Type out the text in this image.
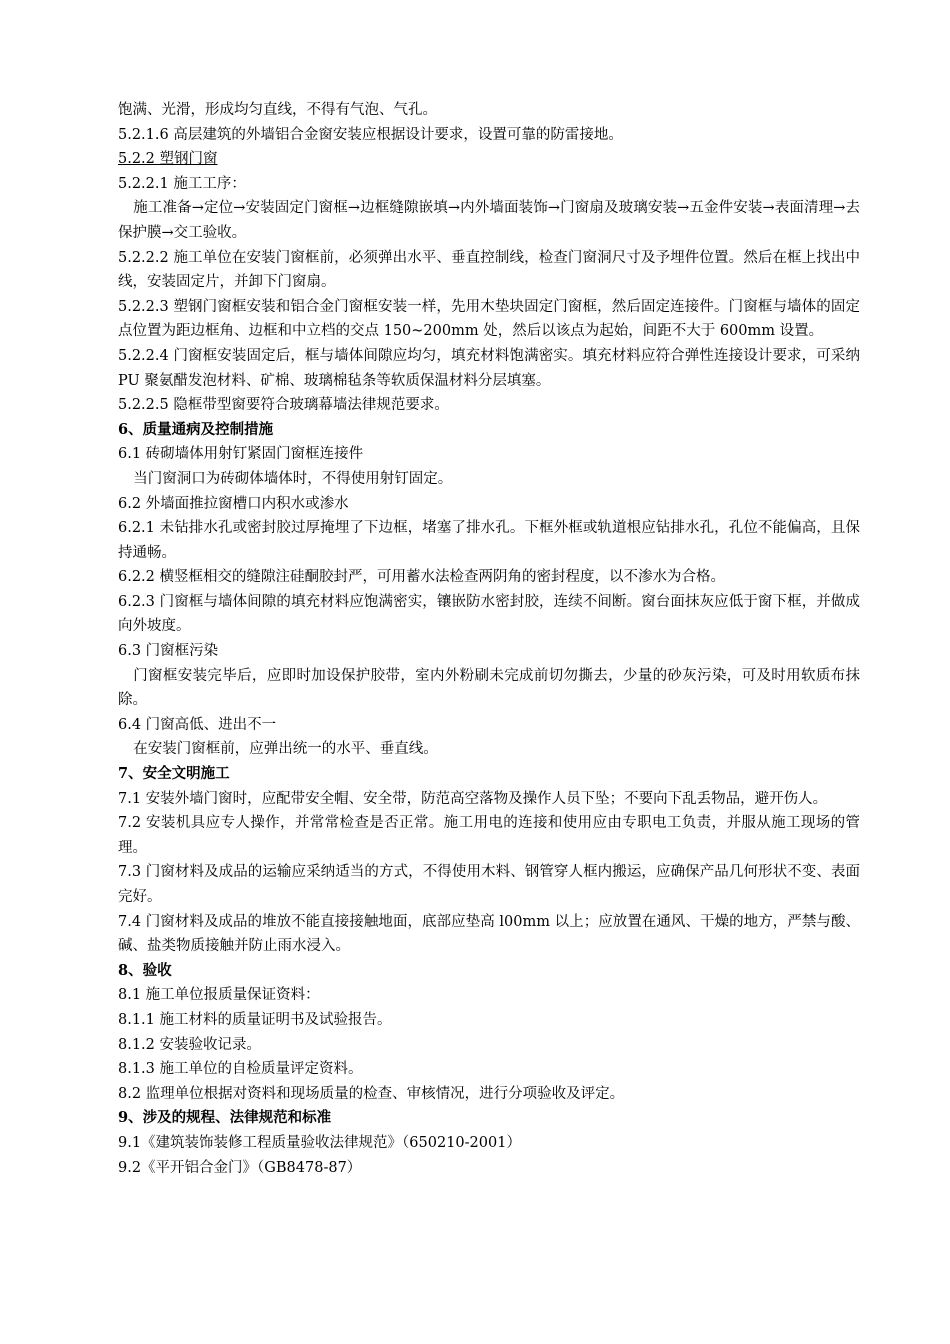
饱满、光滑，形成均匀直线，不得有气泡、气孔。

5.2.1.6 高层建筑的外墙铝合金窗安装应根据设计要求，设置可靠的防雷接地。

5.2.2 塑钢门窗

5.2.2.1 施工工序：

施工准备→定位→安装固定门窗框→边框缝隙嵌填→内外墙面装饰→门窗扇及玻璃安装→五金件安装→表面清理→去保护膜→交工验收。

5.2.2.2 施工单位在安装门窗框前，必须弹出水平、垂直控制线，检查门窗洞尺寸及予埋件位置。然后在框上找出中线，安装固定片，并卸下门窗扇。

5.2.2.3 塑钢门窗框安装和铝合金门窗框安装一样，先用木垫块固定门窗框，然后固定连接件。门窗框与墙体的固定点位置为距边框角、边框和中立档的交点 150~200mm 处，然后以该点为起始，间距不大于 600mm 设置。

5.2.2.4 门窗框安装固定后，框与墙体间隙应均匀，填充材料饱满密实。填充材料应符合弹性连接设计要求，可采纳 PU 聚氨醋发泡材料、矿棉、玻璃棉毡条等软质保温材料分层填塞。

5.2.2.5 隐框带型窗要符合玻璃幕墙法律规范要求。

6、质量通病及控制措施

6.1 砖砌墙体用射钉紧固门窗框连接件

当门窗洞口为砖砌体墙体时，不得使用射钉固定。

6.2 外墙面推拉窗槽口内积水或渗水

6.2.1 未钻排水孔或密封胶过厚掩埋了下边框，堵塞了排水孔。下框外框或轨道根应钻排水孔，孔位不能偏高，且保持通畅。

6.2.2 横竖框相交的缝隙注硅酮胶封严，可用蓄水法检查两阴角的密封程度，以不渗水为合格。

6.2.3 门窗框与墙体间隙的填充材料应饱满密实，镶嵌防水密封胶，连续不间断。窗台面抹灰应低于窗下框，并做成向外坡度。

6.3 门窗框污染

门窗框安装完毕后，应即时加设保护胶带，室内外粉刷未完成前切勿撕去，少量的砂灰污染，可及时用软质布抹除。

6.4 门窗高低、进出不一

在安装门窗框前，应弹出统一的水平、垂直线。

7、安全文明施工

7.1 安装外墙门窗时，应配带安全帽、安全带，防范高空落物及操作人员下坠；不要向下乱丢物品，避开伤人。

7.2 安装机具应专人操作，并常常检查是否正常。施工用电的连接和使用应由专职电工负责，并服从施工现场的管理。

7.3 门窗材料及成品的运输应采纳适当的方式，不得使用木料、钢管穿人框内搬运，应确保产品几何形状不变、表面完好。

7.4 门窗材料及成品的堆放不能直接接触地面，底部应垫高 l00mm 以上；应放置在通风、干燥的地方，严禁与酸、碱、盐类物质接触并防止雨水浸入。

8、验收

8.1 施工单位报质量保证资料：

8.1.1 施工材料的质量证明书及试验报告。

8.1.2 安装验收记录。

8.1.3 施工单位的自检质量评定资料。

8.2 监理单位根据对资料和现场质量的检查、审核情况，进行分项验收及评定。

9、涉及的规程、法律规范和标准

9.1《建筑装饰装修工程质量验收法律规范》（650210-2001）

9.2《平开铝合金门》（GB8478-87）
